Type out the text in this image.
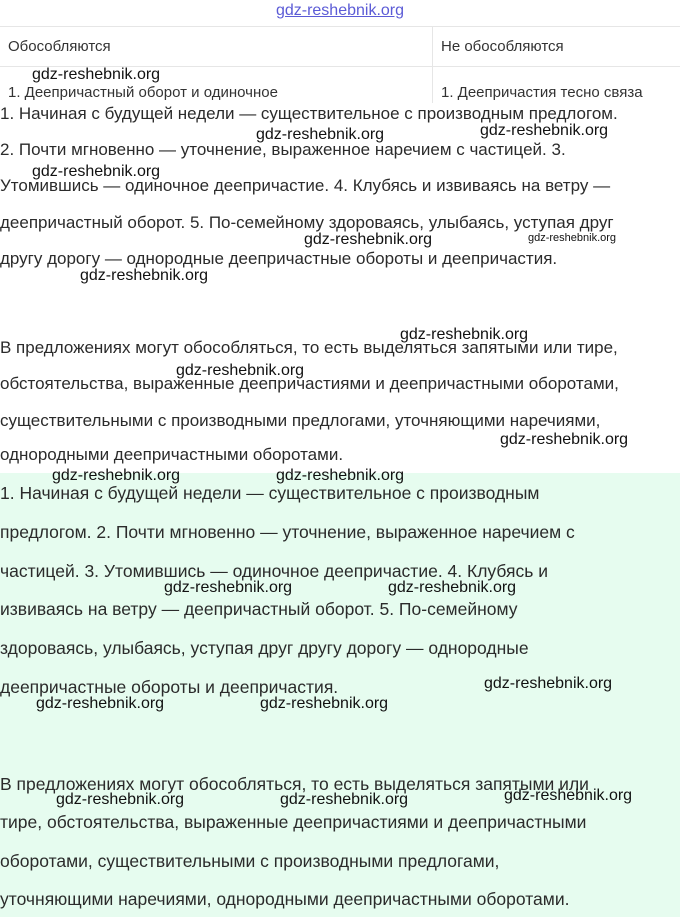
gdz-reshebnik.org
Обособляются	Не обособляются
1. Деепричастный оборот и одиночное	1. Деепричастия тесно связа

1. Начиная с будущей недели — существительное с производным предлогом.

2. Почти мгновенно — уточнение, выраженное наречием с частицей. 3.

Утомившись — одиночное деепричастие. 4. Клубясь и извиваясь на ветру —

деепричастный оборот. 5. По-семейному здороваясь, улыбаясь, уступая друг

другу дорогу — однородные деепричастные обороты и деепричастия.

В предложениях могут обособляться, то есть выделяться запятыми или тире,

обстоятельства, выраженные деепричастиями и деепричастными оборотами,

существительными с производными предлогами, уточняющими наречиями,

однородными деепричастными оборотами.

1. Начиная с будущей недели — существительное с производным

предлогом. 2. Почти мгновенно — уточнение, выраженное наречием с

частицей. 3. Утомившись — одиночное деепричастие. 4. Клубясь и

извиваясь на ветру — деепричастный оборот. 5. По-семейному

здороваясь, улыбаясь, уступая друг другу дорогу — однородные

деепричастные обороты и деепричастия.

В предложениях могут обособляться, то есть выделяться запятыми или

тире, обстоятельства, выраженные деепричастиями и деепричастными

оборотами, существительными с производными предлогами,

уточняющими наречиями, однородными деепричастными оборотами.

gdz-reshebnik.org
gdz-reshebnik.org	gdz-reshebnik.org
gdz-reshebnik.org
gdz-reshebnik.org	gdz-reshebnik.org
gdz-reshebnik.org
gdz-reshebnik.org
gdz-reshebnik.org
gdz-reshebnik.org
gdz-reshebnik.org	gdz-reshebnik.org
gdz-reshebnik.org	gdz-reshebnik.org
gdz-reshebnik.org
gdz-reshebnik.org	gdz-reshebnik.org
gdz-reshebnik.org
gdz-reshebnik.org	gdz-reshebnik.org
